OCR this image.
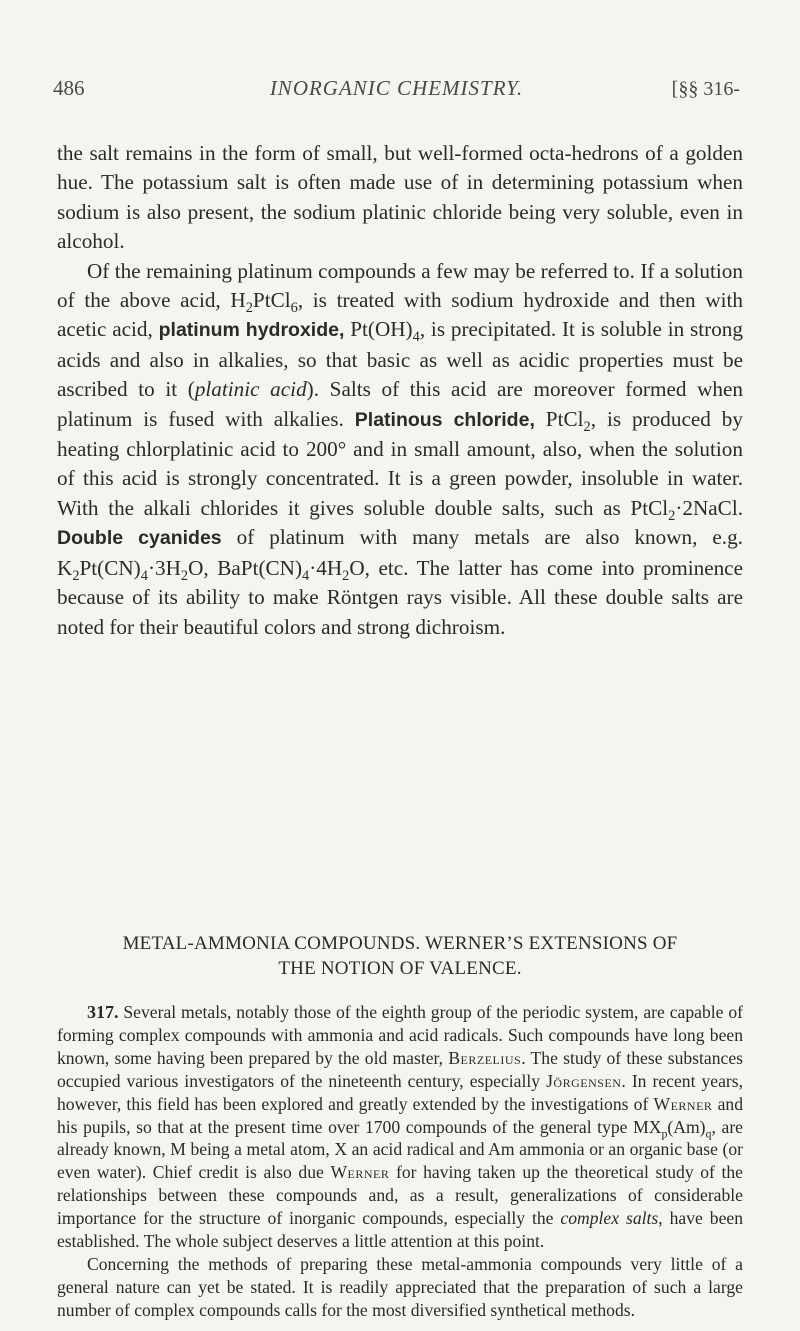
486	INORGANIC CHEMISTRY.	[§§ 316-

the salt remains in the form of small, but well-formed octa-hedrons of a golden hue. The potassium salt is often made use of in determining potassium when sodium is also present, the sodium platinic chloride being very soluble, even in alcohol.

Of the remaining platinum compounds a few may be referred to. If a solution of the above acid, $H_2PtCl_6$, is treated with sodium hydroxide and then with acetic acid, platinum hydroxide, $Pt(OH)_4$, is precipitated. It is soluble in strong acids and also in alkalies, so that basic as well as acidic properties must be ascribed to it (platinic acid). Salts of this acid are moreover formed when platinum is fused with alkalies. Platinous chloride, PtCl$_2$, is produced by heating chlorplatinic acid to 200° and in small amount, also, when the solution of this acid is strongly concentrated. It is a green powder, insoluble in water. With the alkali chlorides it gives soluble double salts, such as PtCl$_2$·2NaCl. Double cyanides of platinum with many metals are also known, e.g. $K_2Pt(CN)_4\cdot 3H_2O$, $BaPt(CN)_4\cdot 4H_2O$, etc. The latter has come into prominence because of its ability to make Röntgen rays visible. All these double salts are noted for their beautiful colors and strong dichroism.

METAL-AMMONIA COMPOUNDS. WERNER’S EXTENSIONS OF
THE NOTION OF VALENCE.

317. Several metals, notably those of the eighth group of the periodic system, are capable of forming complex compounds with ammonia and acid radicals. Such compounds have long been known, some having been prepared by the old master, Berzelius. The study of these substances occupied various investigators of the nineteenth century, especially Jörgensen. In recent years, however, this field has been explored and greatly extended by the investigations of Werner and his pupils, so that at the present time over 1700 compounds of the general type $MX_p(Am)_q$, are already known, M being a metal atom, X an acid radical and Am ammonia or an organic base (or even water). Chief credit is also due Werner for having taken up the theoretical study of the relationships between these compounds and, as a result, generalizations of considerable importance for the structure of inorganic compounds, especially the complex salts, have been established. The whole subject deserves a little attention at this point.

Concerning the methods of preparing these metal-ammonia compounds very little of a general nature can yet be stated. It is readily appreciated that the preparation of such a large number of complex compounds calls for the most diversified synthetical methods.
